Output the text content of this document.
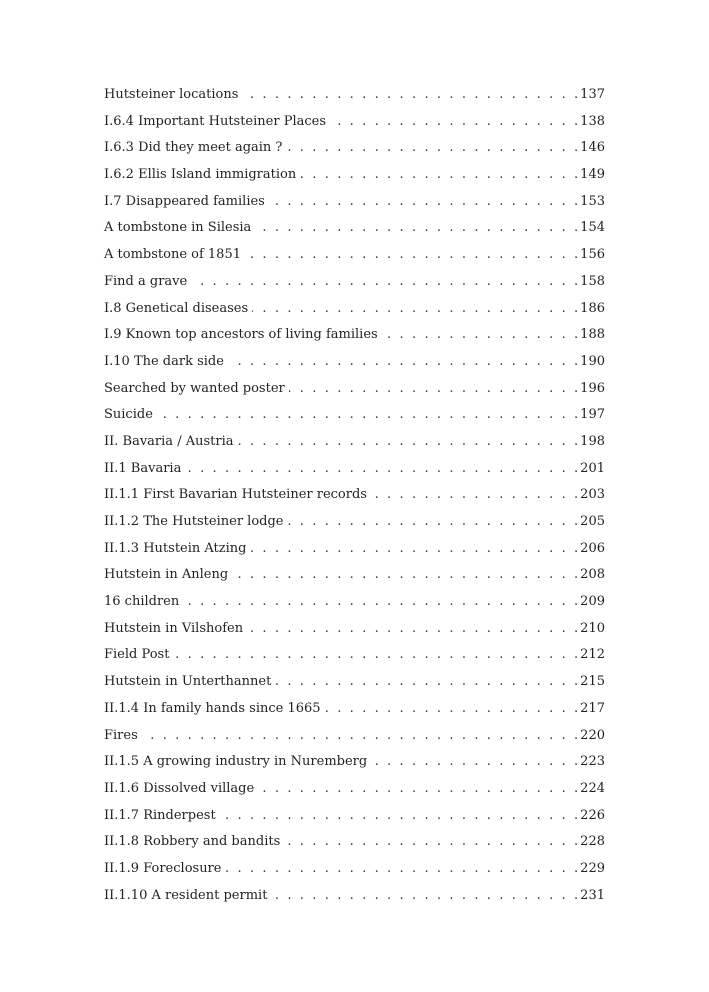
Hutsteiner locations . . .	137
I.6.4 Important Hutsteiner Places . . .	138
I.6.3 Did they meet again ? . . .	146
I.6.2 Ellis Island immigration . . .	149
I.7 Disappeared families . . .	153
A tombstone in Silesia . . .	154
A tombstone of 1851 . . .	156
Find a grave . . .	158
I.8 Genetical diseases . . .	186
I.9 Known top ancestors of living families . . .	188
I.10 The dark side . . .	190
Searched by wanted poster . . .	196
Suicide . . .	197
II. Bavaria / Austria . . .	198
II.1 Bavaria . . .	201
II.1.1 First Bavarian Hutsteiner records . . .	203
II.1.2 The Hutsteiner lodge . . .	205
II.1.3 Hutstein Atzing . . .	206
Hutstein in Anleng . . .	208
16 children . . .	209
Hutstein in Vilshofen . . .	210
Field Post . . .	212
Hutstein in Unterthannet . . .	215
II.1.4 In family hands since 1665 . . .	217
Fires . . .	220
II.1.5 A growing industry in Nuremberg . . .	223
II.1.6 Dissolved village . . .	224
II.1.7 Rinderpest . . .	226
II.1.8 Robbery and bandits . . .	228
II.1.9 Foreclosure . . .	229
II.1.10 A resident permit . . .	231
